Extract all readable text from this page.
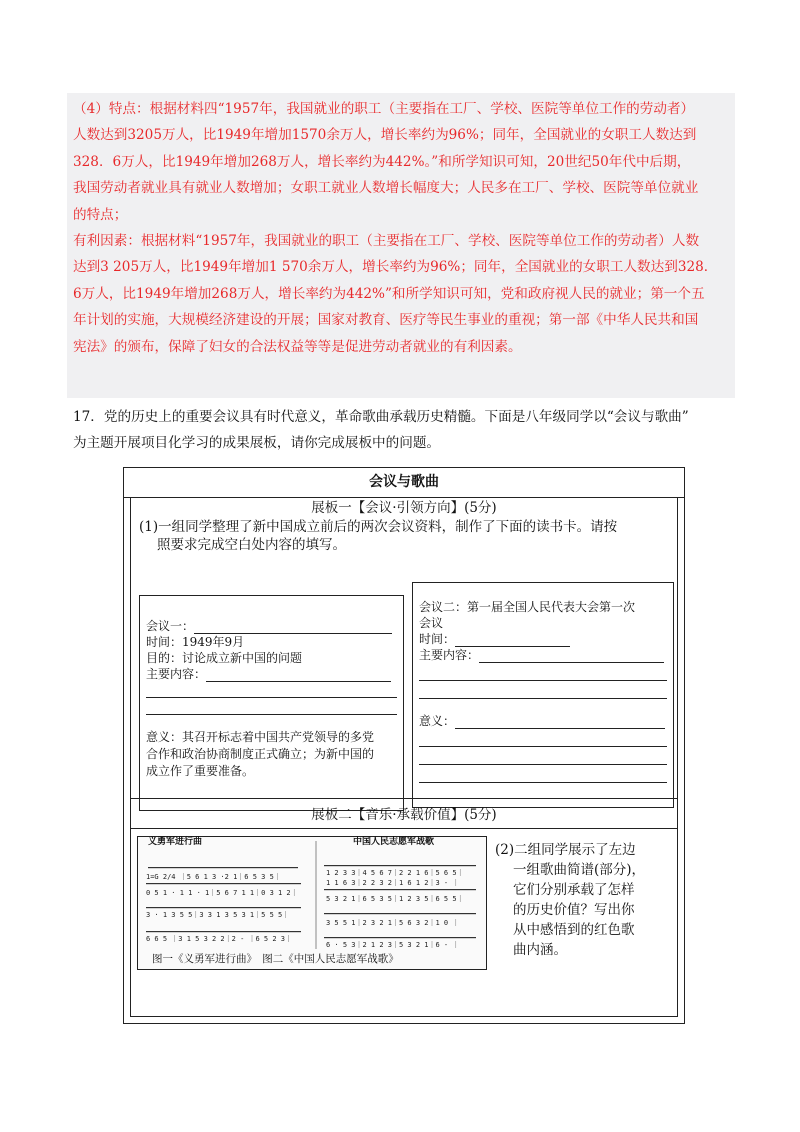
（4）特点：根据材料四“1957年，我国就业的职工（主要指在工厂、学校、医院等单位工作的劳动者）

人数达到3205万人，比1949年增加1570余万人，增长率约为96%；同年，全国就业的女职工人数达到

328．6万人，比1949年增加268万人，增长率约为442%。”和所学知识可知，20世纪50年代中后期，

我国劳动者就业具有就业人数增加；女职工就业人数增长幅度大；人民多在工厂、学校、医院等单位就业

的特点；

有利因素：根据材料“1957年，我国就业的职工（主要指在工厂、学校、医院等单位工作的劳动者）人数

达到3 205万人，比1949年增加1 570余万人，增长率约为96%；同年，全国就业的女职工人数达到328．

6万人，比1949年增加268万人，增长率约为442%”和所学知识可知，党和政府视人民的就业；第一个五

年计划的实施，大规模经济建设的开展；国家对教育、医疗等民生事业的重视；第一部《中华人民共和国

宪法》的颁布，保障了妇女的合法权益等等是促进劳动者就业的有利因素。

17．党的历史上的重要会议具有时代意义，革命歌曲承载历史精髓。下面是八年级同学以“会议与歌曲”
为主题开展项目化学习的成果展板，请你完成展板中的问题。
会议与歌曲
展板一【会议·引领方向】(5分)
(1)一组同学整理了新中国成立前后的两次会议资料，制作了下面的读书卡。请按
照要求完成空白处内容的填写。
会议一：
时间：1949年9月
目的：讨论成立新中国的问题
主要内容：
意义：其召开标志着中国共产党领导的多党
合作和政治协商制度正式确立；为新中国的
成立作了重要准备。
会议二：第一届全国人民代表大会第一次
会议
时间：
主要内容：
意义：
展板二【音乐·承载价值】(5分)
1=G 2/4 ｜5 6 1 3 ·2 1｜6 5 3 5｜
0 5 1 · 1 1 · 1｜5 6 7 1 1｜0 3 1 2｜
3 · 1 3 5 5｜3 3 1 3 5 3 1｜5 5 5｜
6 6 5 ｜3 1 5 3 2 2｜2 - ｜6 5 2 3｜
1 2 3 3｜4 5 6 7｜2 2 1 6｜5 6 5｜
1 1 6 3｜2 2 3 2｜1 6 1 2｜3 - ｜
5 3 2 1｜6 5 3 5｜1 2 3 5｜6 5 5｜
3 5 5 1｜2 3 2 1｜5 6 3 2｜1 0 ｜
6 · 5 3｜2 1 2 3｜5 3 2 1｜6 - ｜
义勇军进行曲	中国人民志愿军战歌
图一《义勇军进行曲》　图二《中国人民志愿军战歌》
(2)二组同学展示了左边
一组歌曲简谱(部分)，
它们分别承载了怎样
的历史价值？写出你
从中感悟到的红色歌
曲内涵。
